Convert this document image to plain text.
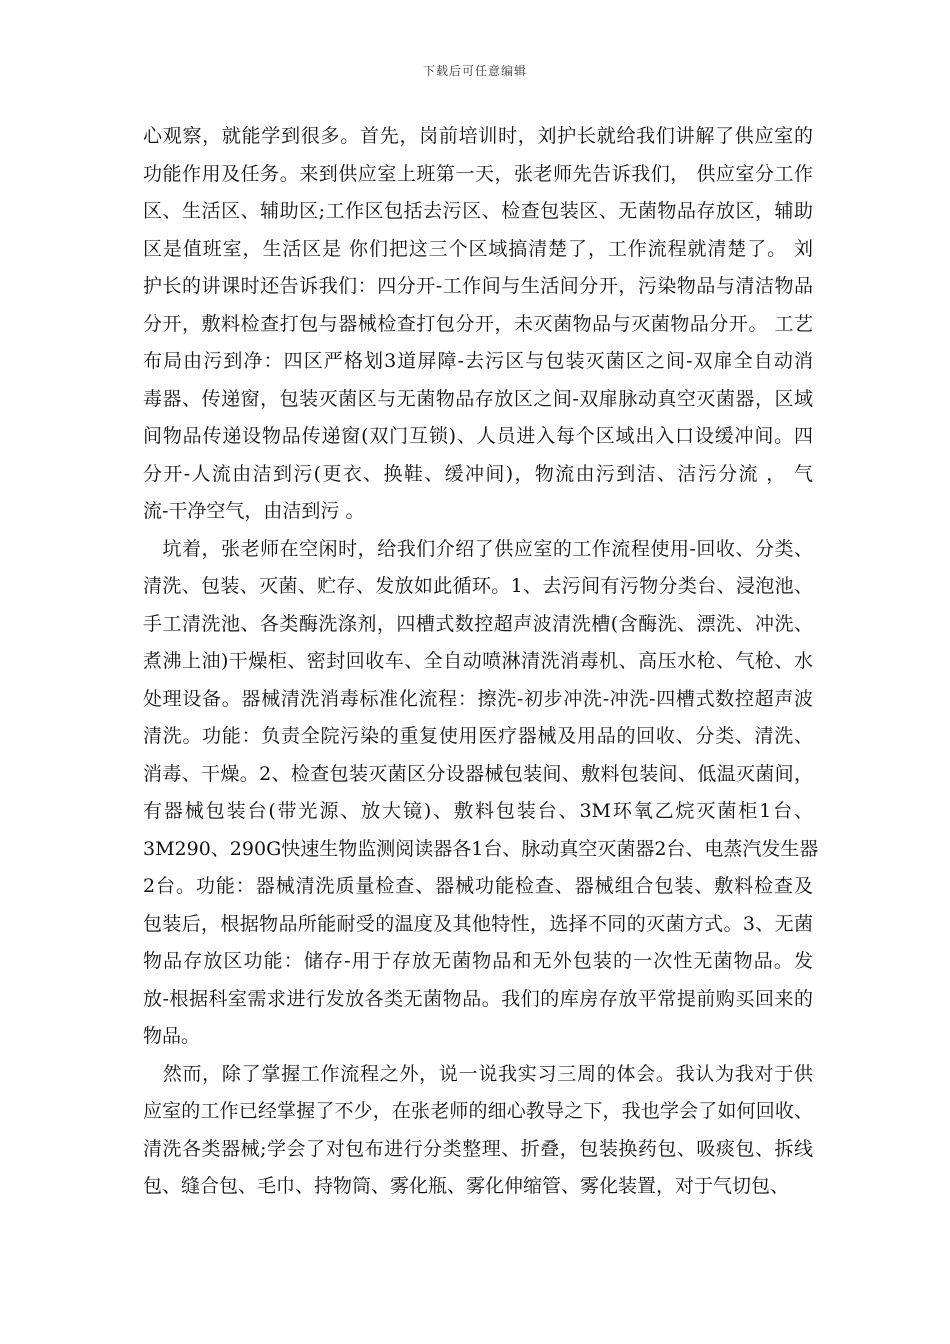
下载后可任意编辑
心观察，就能学到很多。首先，岗前培训时，刘护长就给我们讲解了供应室的
功能作用及任务。来到供应室上班第一天，张老师先告诉我们， 供应室分工作
区、生活区、辅助区;工作区包括去污区、检查包装区、无菌物品存放区，辅助
区是值班室，生活区是 你们把这三个区域搞清楚了，工作流程就清楚了。 刘
护长的讲课时还告诉我们：四分开-工作间与生活间分开，污染物品与清洁物品
分开，敷料检查打包与器械检查打包分开，未灭菌物品与灭菌物品分开。 工艺
布局由污到净：四区严格划3道屏障-去污区与包装灭菌区之间-双扉全自动消
毒器、传递窗，包装灭菌区与无菌物品存放区之间-双扉脉动真空灭菌器，区域
间物品传递设物品传递窗(双门互锁)、人员进入每个区域出入口设缓冲间。四
分开-人流由洁到污(更衣、换鞋、缓冲间)，物流由污到洁、洁污分流 ， 气
流-干净空气，由洁到污 。
　坑着，张老师在空闲时，给我们介绍了供应室的工作流程使用-回收、分类、
清洗、包装、灭菌、贮存、发放如此循环。1、去污间有污物分类台、浸泡池、
手工清洗池、各类酶洗涤剂，四槽式数控超声波清洗槽(含酶洗、漂洗、冲洗、
煮沸上油)干燥柜、密封回收车、全自动喷淋清洗消毒机、高压水枪、气枪、水
处理设备。器械清洗消毒标准化流程：擦洗-初步冲洗-冲洗-四槽式数控超声波
清洗。功能：负责全院污染的重复使用医疗器械及用品的回收、分类、清洗、
消毒、干燥。2、检查包装灭菌区分设器械包装间、敷料包装间、低温灭菌间，
有器械包装台(带光源、放大镜)、敷料包装台、3M环氧乙烷灭菌柜1台、
3M290、290G快速生物监测阅读器各1台、脉动真空灭菌器2台、电蒸汽发生器
2台。功能：器械清洗质量检查、器械功能检查、器械组合包装、敷料检查及
包装后，根据物品所能耐受的温度及其他特性，选择不同的灭菌方式。3、无菌
物品存放区功能：储存-用于存放无菌物品和无外包装的一次性无菌物品。发
放-根据科室需求进行发放各类无菌物品。我们的库房存放平常提前购买回来的
物品。
　然而，除了掌握工作流程之外，说一说我实习三周的体会。我认为我对于供
应室的工作已经掌握了不少，在张老师的细心教导之下，我也学会了如何回收、
清洗各类器械;学会了对包布进行分类整理、折叠，包装换药包、吸痰包、拆线
包、缝合包、毛巾、持物筒、雾化瓶、雾化伸缩管、雾化装置，对于气切包、
